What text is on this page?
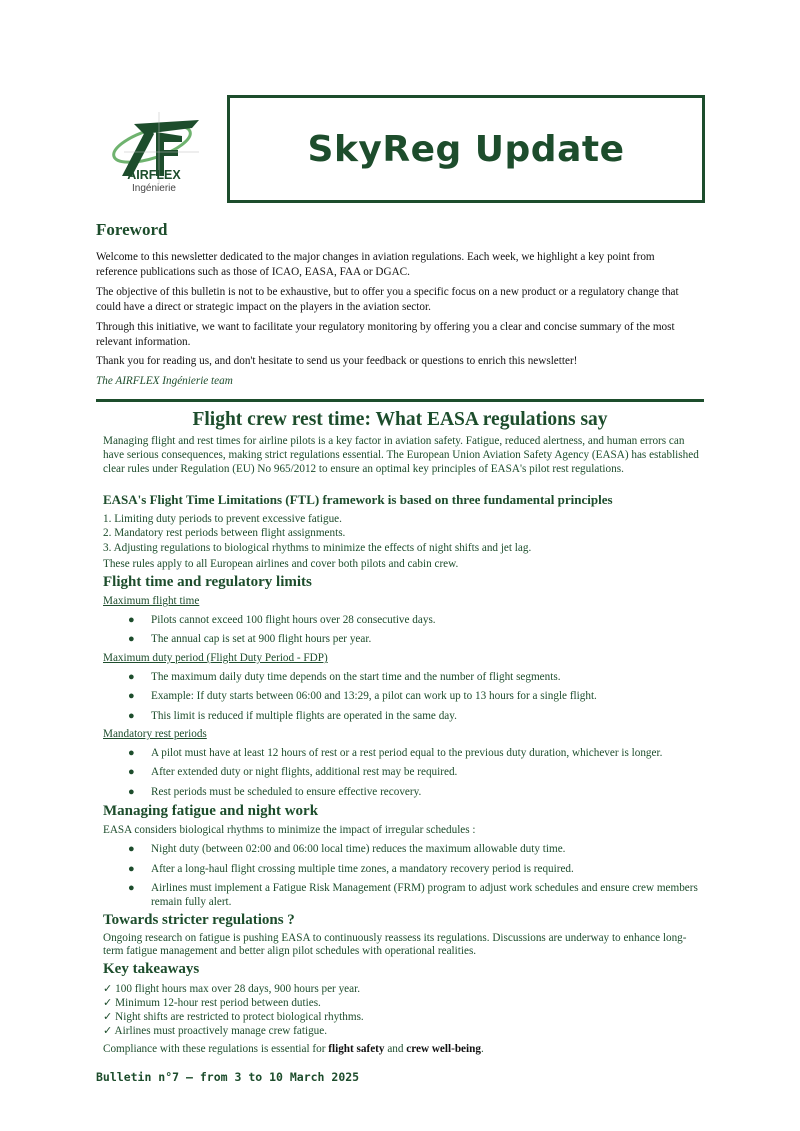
AIRFLEX
Ingénierie
SkyReg Update
Foreword

Welcome to this newsletter dedicated to the major changes in aviation regulations. Each week, we highlight a key point from reference publications such as those of ICAO, EASA, FAA or DGAC.

The objective of this bulletin is not to be exhaustive, but to offer you a specific focus on a new product or a regulatory change that could have a direct or strategic impact on the players in the aviation sector.

Through this initiative, we want to facilitate your regulatory monitoring by offering you a clear and concise summary of the most relevant information.

Thank you for reading us, and don't hesitate to send us your feedback or questions to enrich this newsletter!

The AIRFLEX Ingénierie team

Flight crew rest time: What EASA regulations say

Managing flight and rest times for airline pilots is a key factor in aviation safety. Fatigue, reduced alertness, and human errors can have serious consequences, making strict regulations essential. The European Union Aviation Safety Agency (EASA) has established clear rules under Regulation (EU) No 965/2012 to ensure an optimal key principles of EASA's pilot rest regulations.

EASA's Flight Time Limitations (FTL) framework is based on three fundamental principles

1. Limiting duty periods to prevent excessive fatigue.

2. Mandatory rest periods between flight assignments.

3. Adjusting regulations to biological rhythms to minimize the effects of night shifts and jet lag.

These rules apply to all European airlines and cover both pilots and cabin crew.

Flight time and regulatory limits

Maximum flight time

● Pilots cannot exceed 100 flight hours over 28 consecutive days.
● The annual cap is set at 900 flight hours per year.

Maximum duty period (Flight Duty Period - FDP)

● The maximum daily duty time depends on the start time and the number of flight segments.
● Example: If duty starts between 06:00 and 13:29, a pilot can work up to 13 hours for a single flight.
● This limit is reduced if multiple flights are operated in the same day.

Mandatory rest periods

● A pilot must have at least 12 hours of rest or a rest period equal to the previous duty duration, whichever is longer.
● After extended duty or night flights, additional rest may be required.
● Rest periods must be scheduled to ensure effective recovery.
Managing fatigue and night work

EASA considers biological rhythms to minimize the impact of irregular schedules :

● Night duty (between 02:00 and 06:00 local time) reduces the maximum allowable duty time.
● After a long-haul flight crossing multiple time zones, a mandatory recovery period is required.
● Airlines must implement a Fatigue Risk Management (FRM) program to adjust work schedules and ensure crew members remain fully alert.
Towards stricter regulations ?

Ongoing research on fatigue is pushing EASA to continuously reassess its regulations. Discussions are underway to enhance long-term fatigue management and better align pilot schedules with operational realities.

Key takeaways

✓ 100 flight hours max over 28 days, 900 hours per year.

✓ Minimum 12-hour rest period between duties.

✓ Night shifts are restricted to protect biological rhythms.

✓ Airlines must proactively manage crew fatigue.

Compliance with these regulations is essential for flight safety and crew well-being.

Bulletin n°7 – from 3 to 10 March 2025
